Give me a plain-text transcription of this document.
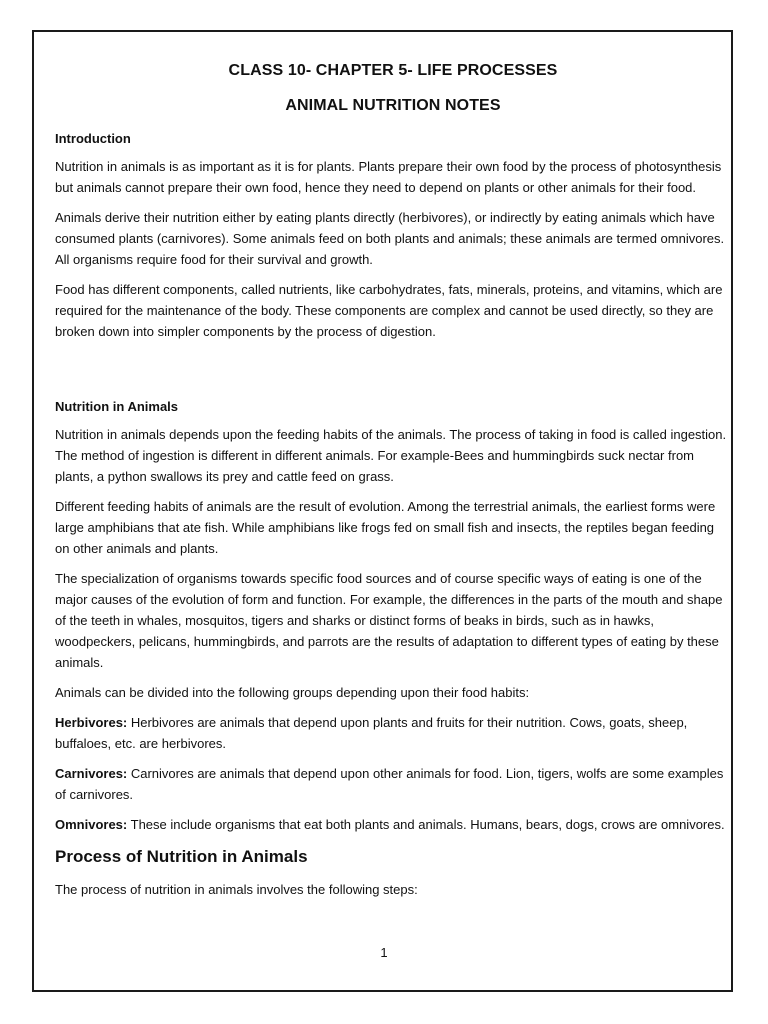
CLASS 10- CHAPTER 5- LIFE PROCESSES
ANIMAL NUTRITION NOTES
Introduction

Nutrition in animals is as important as it is for plants. Plants prepare their own food by the process of photosynthesis but animals cannot prepare their own food, hence they need to depend on plants or other animals for their food.

Animals derive their nutrition either by eating plants directly (herbivores), or indirectly by eating animals which have consumed plants (carnivores). Some animals feed on both plants and animals; these animals are termed omnivores. All organisms require food for their survival and growth.

Food has different components, called nutrients, like carbohydrates, fats, minerals, proteins, and vitamins, which are required for the maintenance of the body. These components are complex and cannot be used directly, so they are broken down into simpler components by the process of digestion.

Nutrition in Animals

Nutrition in animals depends upon the feeding habits of the animals. The process of taking in food is called ingestion. The method of ingestion is different in different animals. For example-Bees and hummingbirds suck nectar from plants, a python swallows its prey and cattle feed on grass.

Different feeding habits of animals are the result of evolution. Among the terrestrial animals, the earliest forms were large amphibians that ate fish. While amphibians like frogs fed on small fish and insects, the reptiles began feeding on other animals and plants.

The specialization of organisms towards specific food sources and of course specific ways of eating is one of the major causes of the evolution of form and function. For example, the differences in the parts of the mouth and shape of the teeth in whales, mosquitos, tigers and sharks or distinct forms of beaks in birds, such as in hawks, woodpeckers, pelicans, hummingbirds, and parrots are the results of adaptation to different types of eating by these animals.

Animals can be divided into the following groups depending upon their food habits:

Herbivores: Herbivores are animals that depend upon plants and fruits for their nutrition. Cows, goats, sheep, buffaloes, etc. are herbivores.

Carnivores: Carnivores are animals that depend upon other animals for food. Lion, tigers, wolfs are some examples of carnivores.

Omnivores: These include organisms that eat both plants and animals. Humans, bears, dogs, crows are omnivores.

Process of Nutrition in Animals

The process of nutrition in animals involves the following steps:

1
